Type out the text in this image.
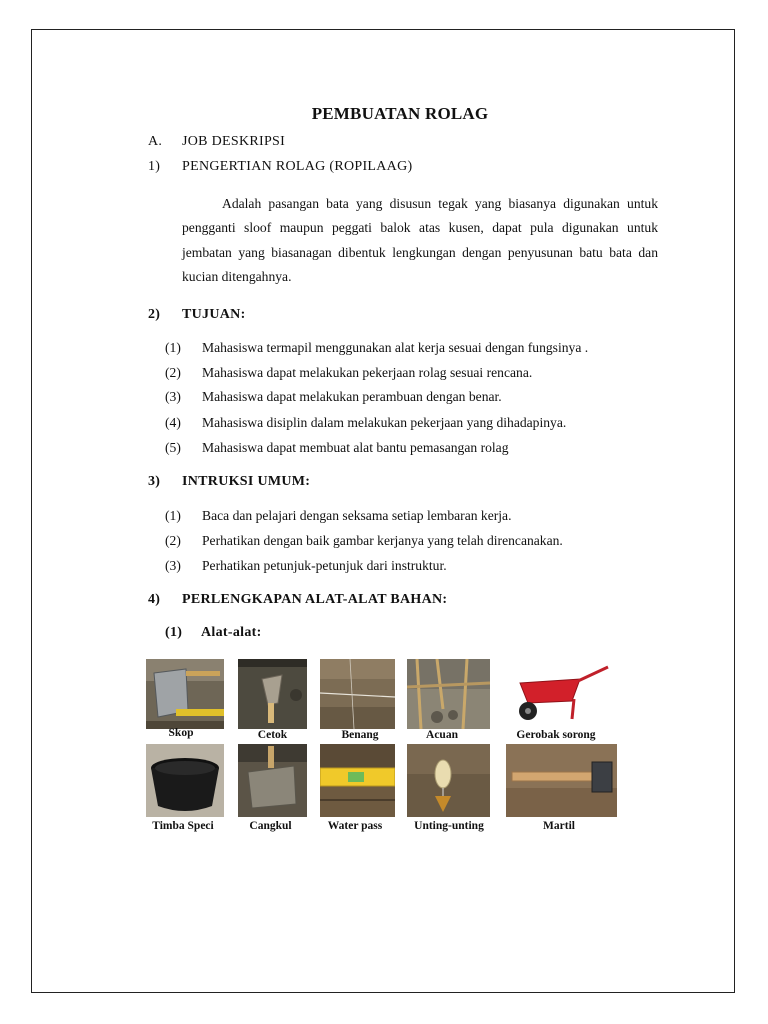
PEMBUATAN ROLAG
A. JOB DESKRIPSI
1) PENGERTIAN ROLAG (ROPILAAG)
Adalah pasangan bata yang disusun tegak yang biasanya digunakan untuk pengganti sloof maupun peggati balok atas kusen, dapat pula digunakan untuk jembatan yang biasanagan dibentuk lengkungan dengan penyusunan batu bata dan kucian ditengahnya.
2) TUJUAN:
(1) Mahasiswa termapil menggunakan alat kerja sesuai dengan fungsinya .
(2) Mahasiswa dapat melakukan pekerjaan rolag sesuai rencana.
(3) Mahasiswa dapat melakukan perambuan dengan benar.
(4) Mahasiswa disiplin dalam melakukan pekerjaan yang dihadapinya.
(5) Mahasiswa dapat membuat alat bantu pemasangan rolag
3) INTRUKSI UMUM:
(1) Baca dan pelajari dengan seksama setiap lembaran kerja.
(2) Perhatikan dengan baik gambar kerjanya yang telah direncanakan.
(3) Perhatikan petunjuk-petunjuk dari instruktur.
4) PERLENGKAPAN ALAT-ALAT BAHAN:
(1) Alat-alat:
Skop	Cetok	Benang	Acuan	Gerobak sorong
Timba Speci	Cangkul	Water pass	Unting-unting	Martil
